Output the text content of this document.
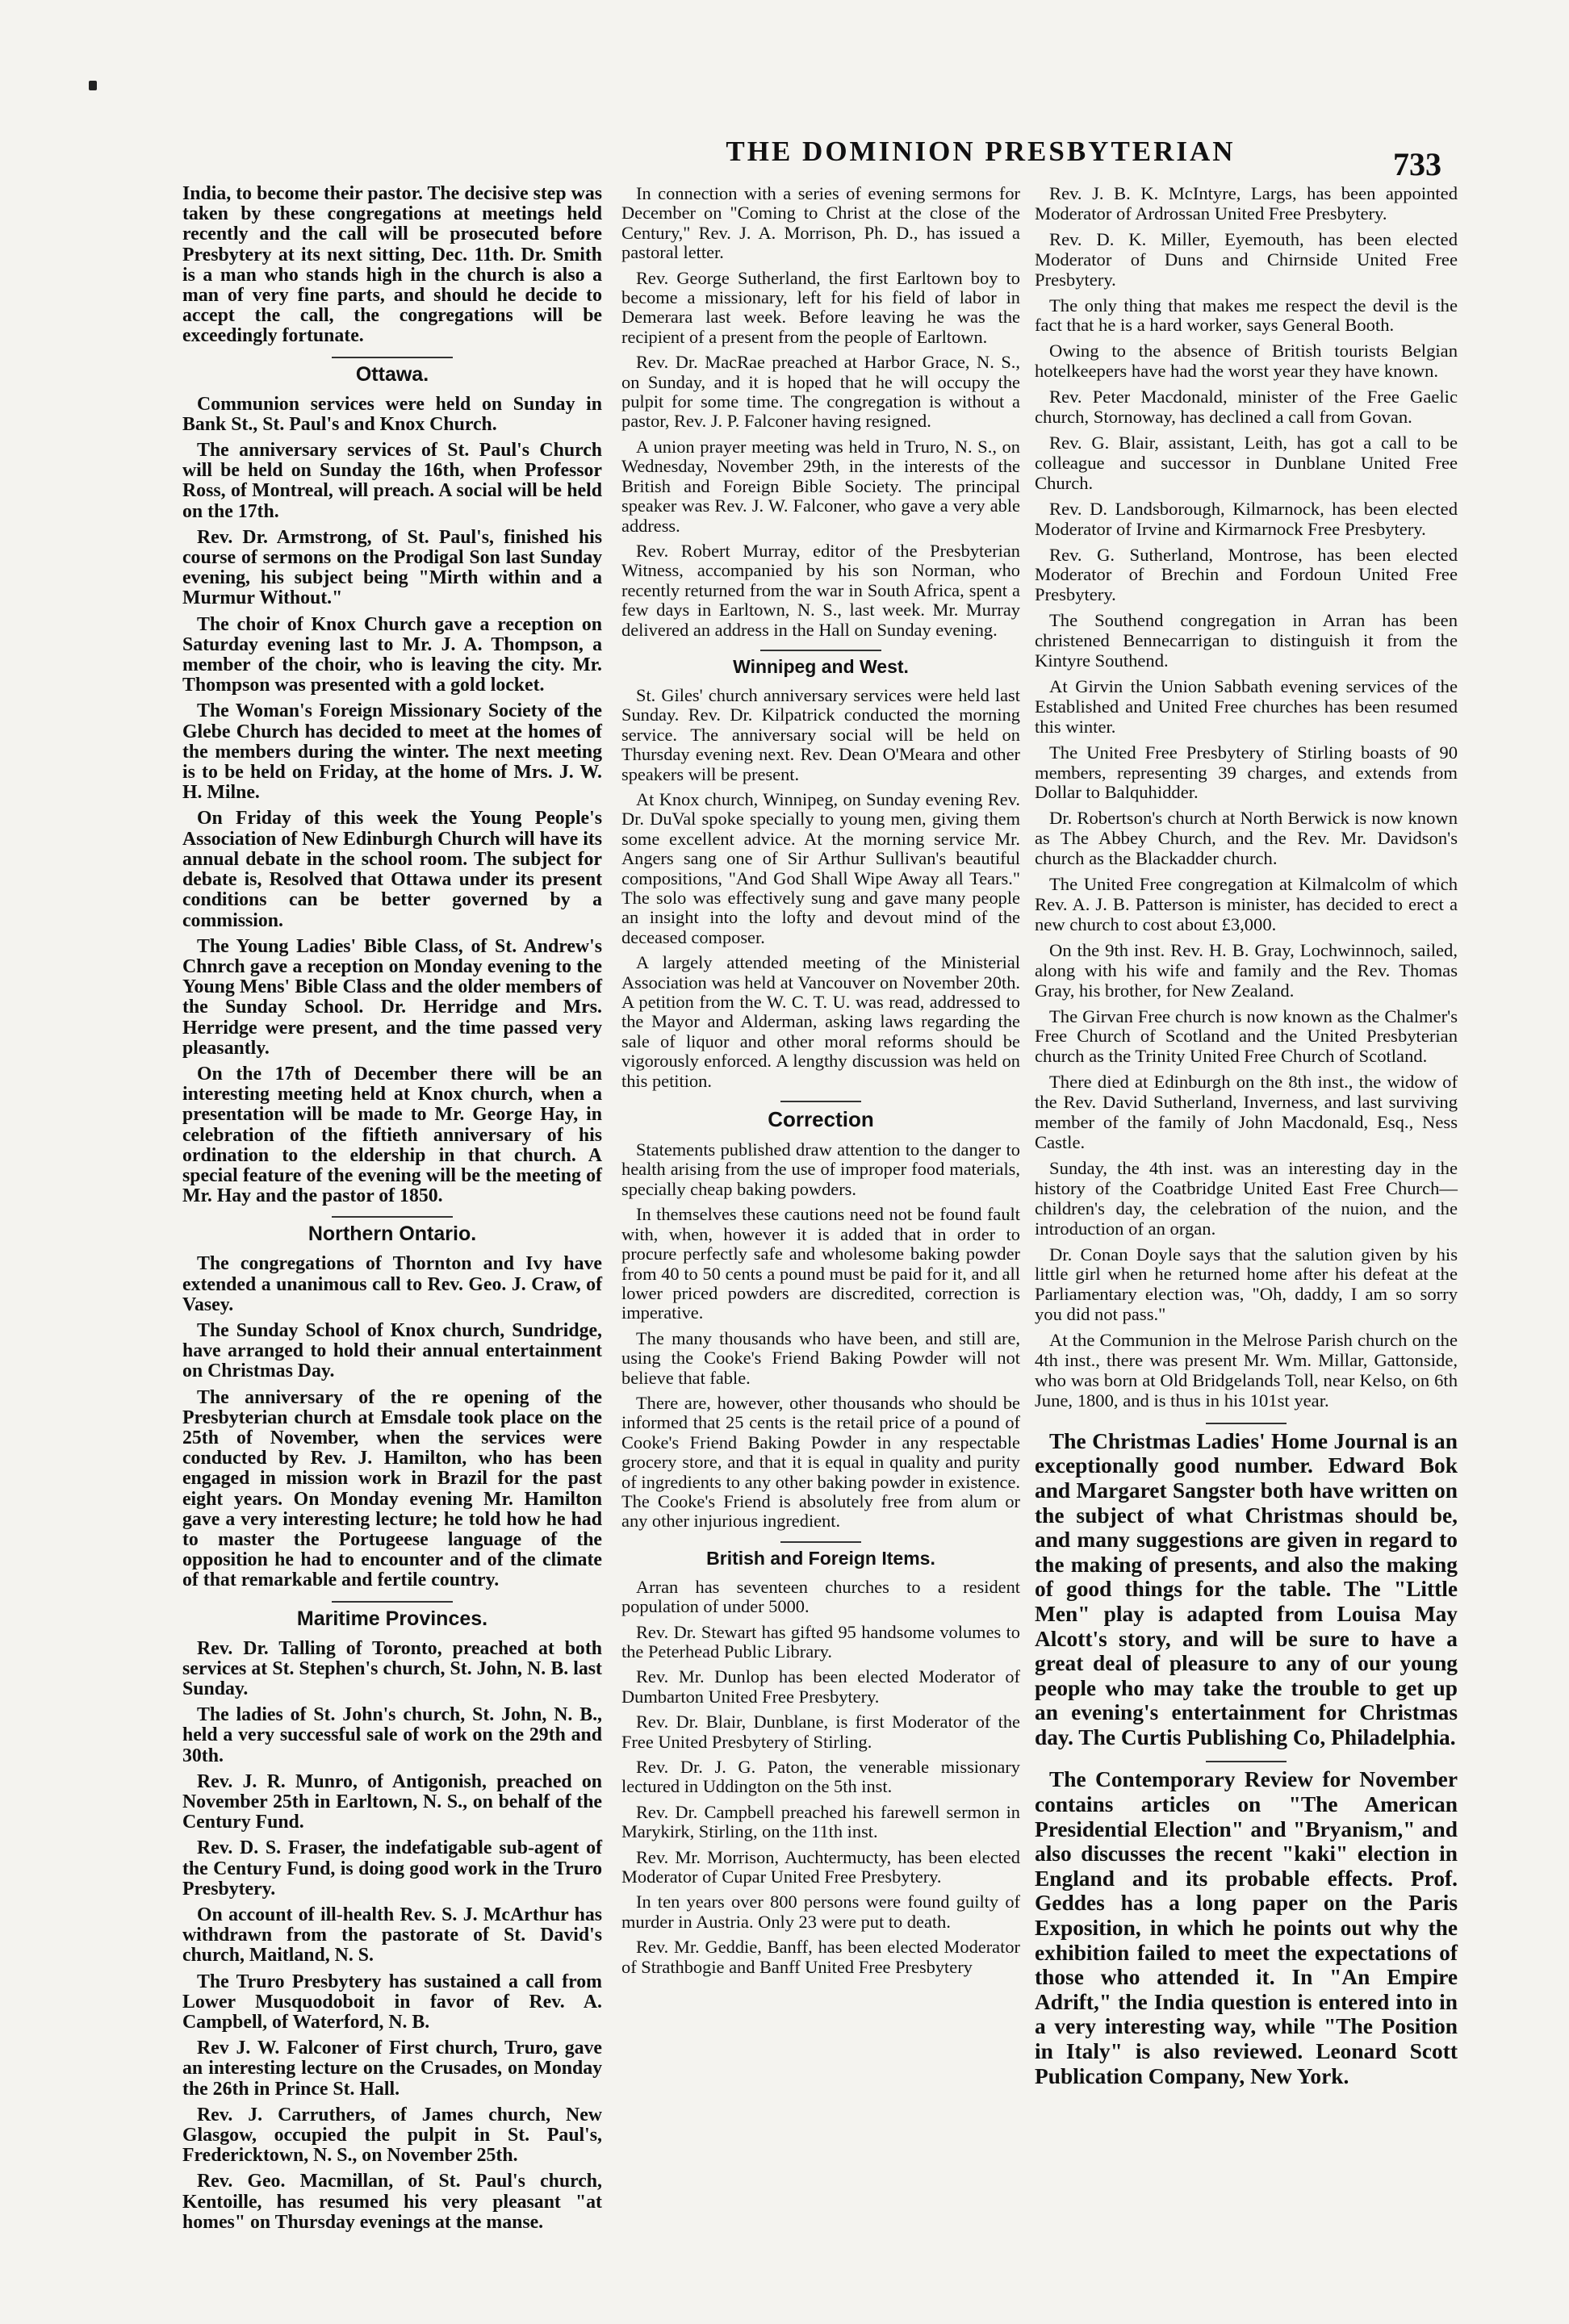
THE DOMINION PRESBYTERIAN	733

India, to become their pastor. The decisive step was taken by these congregations at meetings held recently and the call will be prosecuted before Presbytery at its next sitting, Dec. 11th. Dr. Smith is a man who stands high in the church is also a man of very fine parts, and should he decide to accept the call, the congregations will be exceedingly fortunate.

Ottawa.

Communion services were held on Sunday in Bank St., St. Paul's and Knox Church.

The anniversary services of St. Paul's Church will be held on Sunday the 16th, when Professor Ross, of Montreal, will preach. A social will be held on the 17th.

Rev. Dr. Armstrong, of St. Paul's, finished his course of sermons on the Prodigal Son last Sunday evening, his subject being "Mirth within and a Murmur Without."

The choir of Knox Church gave a reception on Saturday evening last to Mr. J. A. Thompson, a member of the choir, who is leaving the city. Mr. Thompson was presented with a gold locket.

The Woman's Foreign Missionary Society of the Glebe Church has decided to meet at the homes of the members during the winter. The next meeting is to be held on Friday, at the home of Mrs. J. W. H. Milne.

On Friday of this week the Young People's Association of New Edinburgh Church will have its annual debate in the school room. The subject for debate is, Resolved that Ottawa under its present conditions can be better governed by a commission.

The Young Ladies' Bible Class, of St. Andrew's Chnrch gave a reception on Monday evening to the Young Mens' Bible Class and the older members of the Sunday School. Dr. Herridge and Mrs. Herridge were present, and the time passed very pleasantly.

On the 17th of December there will be an interesting meeting held at Knox church, when a presentation will be made to Mr. George Hay, in celebration of the fiftieth anniversary of his ordination to the eldership in that church. A special feature of the evening will be the meeting of Mr. Hay and the pastor of 1850.

Northern Ontario.

The congregations of Thornton and Ivy have extended a unanimous call to Rev. Geo. J. Craw, of Vasey.

The Sunday School of Knox church, Sundridge, have arranged to hold their annual entertainment on Christmas Day.

The anniversary of the re opening of the Presbyterian church at Emsdale took place on the 25th of November, when the services were conducted by Rev. J. Hamilton, who has been engaged in mission work in Brazil for the past eight years. On Monday evening Mr. Hamilton gave a very interesting lecture; he told how he had to master the Portugeese language of the opposition he had to encounter and of the climate of that remarkable and fertile country.

Maritime Provinces.

Rev. Dr. Talling of Toronto, preached at both services at St. Stephen's church, St. John, N. B. last Sunday.

The ladies of St. John's church, St. John, N. B., held a very successful sale of work on the 29th and 30th.

Rev. J. R. Munro, of Antigonish, preached on November 25th in Earltown, N. S., on behalf of the Century Fund.

Rev. D. S. Fraser, the indefatigable sub-agent of the Century Fund, is doing good work in the Truro Presbytery.

On account of ill-health Rev. S. J. McArthur has withdrawn from the pastorate of St. David's church, Maitland, N. S.

The Truro Presbytery has sustained a call from Lower Musquodoboit in favor of Rev. A. Campbell, of Waterford, N. B.

Rev J. W. Falconer of First church, Truro, gave an interesting lecture on the Crusades, on Monday the 26th in Prince St. Hall.

Rev. J. Carruthers, of James church, New Glasgow, occupied the pulpit in St. Paul's, Fredericktown, N. S., on November 25th.

Rev. Geo. Macmillan, of St. Paul's church, Kentoille, has resumed his very pleasant "at homes" on Thursday evenings at the manse.

In connection with a series of evening sermons for December on "Coming to Christ at the close of the Century," Rev. J. A. Morrison, Ph. D., has issued a pastoral letter.

Rev. George Sutherland, the first Earltown boy to become a missionary, left for his field of labor in Demerara last week. Before leaving he was the recipient of a present from the people of Earltown.

Rev. Dr. MacRae preached at Harbor Grace, N. S., on Sunday, and it is hoped that he will occupy the pulpit for some time. The congregation is without a pastor, Rev. J. P. Falconer having resigned.

A union prayer meeting was held in Truro, N. S., on Wednesday, November 29th, in the interests of the British and Foreign Bible Society. The principal speaker was Rev. J. W. Falconer, who gave a very able address.

Rev. Robert Murray, editor of the Presbyterian Witness, accompanied by his son Norman, who recently returned from the war in South Africa, spent a few days in Earltown, N. S., last week. Mr. Murray delivered an address in the Hall on Sunday evening.

Winnipeg and West.

St. Giles' church anniversary services were held last Sunday. Rev. Dr. Kilpatrick conducted the morning service. The anniversary social will be held on Thursday evening next. Rev. Dean O'Meara and other speakers will be present.

At Knox church, Winnipeg, on Sunday evening Rev. Dr. DuVal spoke specially to young men, giving them some excellent advice. At the morning service Mr. Angers sang one of Sir Arthur Sullivan's beautiful compositions, "And God Shall Wipe Away all Tears." The solo was effectively sung and gave many people an insight into the lofty and devout mind of the deceased composer.

A largely attended meeting of the Ministerial Association was held at Vancouver on November 20th. A petition from the W. C. T. U. was read, addressed to the Mayor and Alderman, asking laws regarding the sale of liquor and other moral reforms should be vigorously enforced. A lengthy discussion was held on this petition.

Correction

Statements published draw attention to the danger to health arising from the use of improper food materials, specially cheap baking powders.

In themselves these cautions need not be found fault with, when, however it is added that in order to procure perfectly safe and wholesome baking powder from 40 to 50 cents a pound must be paid for it, and all lower priced powders are discredited, correction is imperative.

The many thousands who have been, and still are, using the Cooke's Friend Baking Powder will not believe that fable.

There are, however, other thousands who should be informed that 25 cents is the retail price of a pound of Cooke's Friend Baking Powder in any respectable grocery store, and that it is equal in quality and purity of ingredients to any other baking powder in existence. The Cooke's Friend is absolutely free from alum or any other injurious ingredient.

British and Foreign Items.

Arran has seventeen churches to a resident population of under 5000.

Rev. Dr. Stewart has gifted 95 handsome volumes to the Peterhead Public Library.

Rev. Mr. Dunlop has been elected Moderator of Dumbarton United Free Presbytery.

Rev. Dr. Blair, Dunblane, is first Moderator of the Free United Presbytery of Stirling.

Rev. Dr. J. G. Paton, the venerable missionary lectured in Uddington on the 5th inst.

Rev. Dr. Campbell preached his farewell sermon in Marykirk, Stirling, on the 11th inst.

Rev. Mr. Morrison, Auchtermucty, has been elected Moderator of Cupar United Free Presbytery.

In ten years over 800 persons were found guilty of murder in Austria. Only 23 were put to death.

Rev. Mr. Geddie, Banff, has been elected Moderator of Strathbogie and Banff United Free Presbytery

Rev. J. B. K. McIntyre, Largs, has been appointed Moderator of Ardrossan United Free Presbytery.

Rev. D. K. Miller, Eyemouth, has been elected Moderator of Duns and Chirnside United Free Presbytery.

The only thing that makes me respect the devil is the fact that he is a hard worker, says General Booth.

Owing to the absence of British tourists Belgian hotelkeepers have had the worst year they have known.

Rev. Peter Macdonald, minister of the Free Gaelic church, Stornoway, has declined a call from Govan.

Rev. G. Blair, assistant, Leith, has got a call to be colleague and successor in Dunblane United Free Church.

Rev. D. Landsborough, Kilmarnock, has been elected Moderator of Irvine and Kirmarnock Free Presbytery.

Rev. G. Sutherland, Montrose, has been elected Moderator of Brechin and Fordoun United Free Presbytery.

The Southend congregation in Arran has been christened Bennecarrigan to distinguish it from the Kintyre Southend.

At Girvin the Union Sabbath evening services of the Established and United Free churches has been resumed this winter.

The United Free Presbytery of Stirling boasts of 90 members, representing 39 charges, and extends from Dollar to Balquhidder.

Dr. Robertson's church at North Berwick is now known as The Abbey Church, and the Rev. Mr. Davidson's church as the Blackadder church.

The United Free congregation at Kilmalcolm of which Rev. A. J. B. Patterson is minister, has decided to erect a new church to cost about £3,000.

On the 9th inst. Rev. H. B. Gray, Lochwinnoch, sailed, along with his wife and family and the Rev. Thomas Gray, his brother, for New Zealand.

The Girvan Free church is now known as the Chalmer's Free Church of Scotland and the United Presbyterian church as the Trinity United Free Church of Scotland.

There died at Edinburgh on the 8th inst., the widow of the Rev. David Sutherland, Inverness, and last surviving member of the family of John Macdonald, Esq., Ness Castle.

Sunday, the 4th inst. was an interesting day in the history of the Coatbridge United East Free Church—children's day, the celebration of the nuion, and the introduction of an organ.

Dr. Conan Doyle says that the salution given by his little girl when he returned home after his defeat at the Parliamentary election was, "Oh, daddy, I am so sorry you did not pass."

At the Communion in the Melrose Parish church on the 4th inst., there was present Mr. Wm. Millar, Gattonside, who was born at Old Bridgelands Toll, near Kelso, on 6th June, 1800, and is thus in his 101st year.

The Christmas Ladies' Home Journal is an exceptionally good number. Edward Bok and Margaret Sangster both have written on the subject of what Christmas should be, and many suggestions are given in regard to the making of presents, and also the making of good things for the table. The "Little Men" play is adapted from Louisa May Alcott's story, and will be sure to have a great deal of pleasure to any of our young people who may take the trouble to get up an evening's entertainment for Christmas day. The Curtis Publishing Co, Philadelphia.

The Contemporary Review for November contains articles on "The American Presidential Election" and "Bryanism," and also discusses the recent "kaki" election in England and its probable effects. Prof. Geddes has a long paper on the Paris Exposition, in which he points out why the exhibition failed to meet the expectations of those who attended it. In "An Empire Adrift," the India question is entered into in a very interesting way, while "The Position in Italy" is also reviewed. Leonard Scott Publication Company, New York.
